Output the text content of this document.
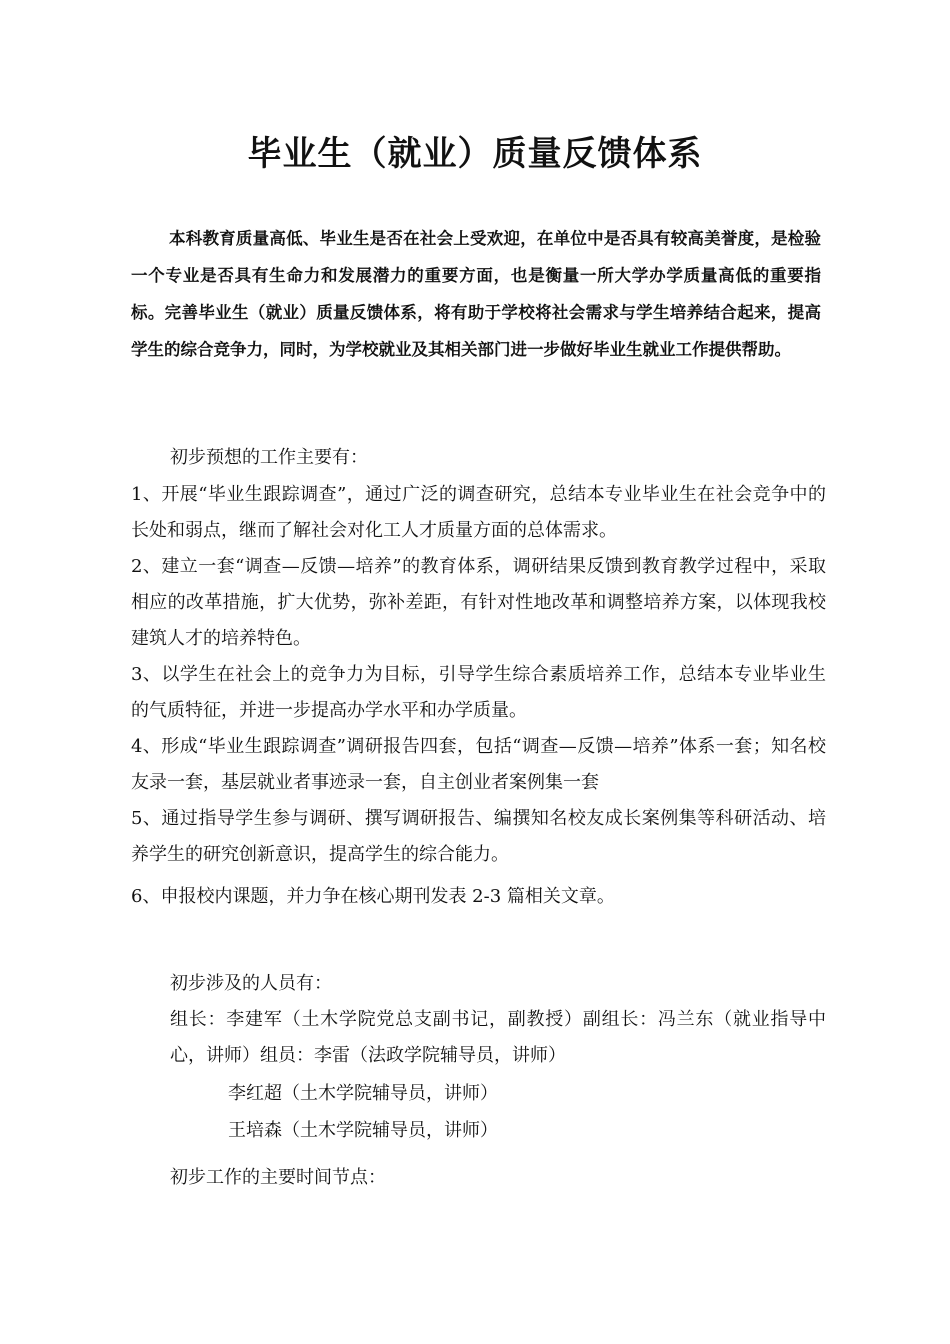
毕业生（就业）质量反馈体系

本科教育质量高低、毕业生是否在社会上受欢迎，在单位中是否具有较高美誉度，是检验一个专业是否具有生命力和发展潜力的重要方面，也是衡量一所大学办学质量高低的重要指标。完善毕业生（就业）质量反馈体系，将有助于学校将社会需求与学生培养结合起来，提高学生的综合竞争力，同时，为学校就业及其相关部门进一步做好毕业生就业工作提供帮助。

初步预想的工作主要有：

1、开展“毕业生跟踪调查”，通过广泛的调查研究，总结本专业毕业生在社会竞争中的长处和弱点，继而了解社会对化工人才质量方面的总体需求。
2、建立一套“调查—反馈—培养”的教育体系，调研结果反馈到教育教学过程中，采取相应的改革措施，扩大优势，弥补差距，有针对性地改革和调整培养方案，以体现我校建筑人才的培养特色。
3、以学生在社会上的竞争力为目标，引导学生综合素质培养工作，总结本专业毕业生的气质特征，并进一步提高办学水平和办学质量。
4、形成“毕业生跟踪调查”调研报告四套，包括“调查—反馈—培养”体系一套；知名校友录一套，基层就业者事迹录一套，自主创业者案例集一套
5、通过指导学生参与调研、撰写调研报告、编撰知名校友成长案例集等科研活动、培养学生的研究创新意识，提高学生的综合能力。
6、申报校内课题，并力争在核心期刊发表 2-3 篇相关文章。

初步涉及的人员有：

组长：李建军（土木学院党总支副书记，副教授）副组长：冯兰东（就业指导中心，讲师）组员：李雷（法政学院辅导员，讲师）

李红超（土木学院辅导员，讲师）

王培森（土木学院辅导员，讲师）

初步工作的主要时间节点：
